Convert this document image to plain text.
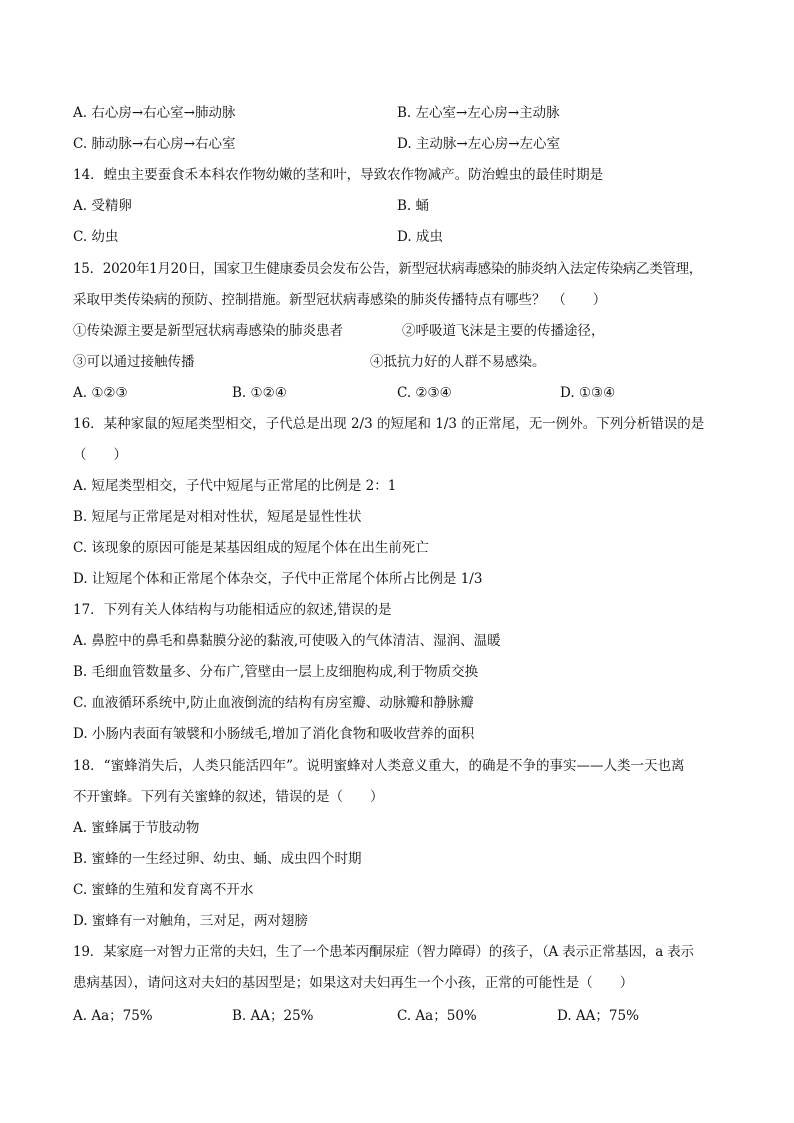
A. 右心房→右心室→肺动脉	B. 左心室→左心房→主动脉
C. 肺动脉→右心房→右心室	D. 主动脉→左心房→左心室
14．蝗虫主要蚕食禾本科农作物幼嫩的茎和叶，导致农作物减产。防治蝗虫的最佳时期是
A. 受精卵	B. 蛹
C. 幼虫	D. 成虫
15．2020年1月20日，国家卫生健康委员会发布公告，新型冠状病毒感染的肺炎纳入法定传染病乙类管理，
采取甲类传染病的预防、控制措施。新型冠状病毒感染的肺炎传播特点有哪些？　（　　）
①传染源主要是新型冠状病毒感染的肺炎患者	②呼吸道飞沫是主要的传播途径，
③可以通过接触传播	④抵抗力好的人群不易感染。
A. ①②③	B. ①②④	C. ②③④	D. ①③④
16．某种家鼠的短尾类型相交，子代总是出现 2/3 的短尾和 1/3 的正常尾，无一例外。下列分析错误的是
（　　）
A. 短尾类型相交，子代中短尾与正常尾的比例是 2：1
B. 短尾与正常尾是对相对性状，短尾是显性性状
C. 该现象的原因可能是某基因组成的短尾个体在出生前死亡
D. 让短尾个体和正常尾个体杂交，子代中正常尾个体所占比例是 1/3
17．下列有关人体结构与功能相适应的叙述,错误的是
A. 鼻腔中的鼻毛和鼻黏膜分泌的黏液,可使吸入的气体清洁、湿润、温暖
B. 毛细血管数量多、分布广,管壁由一层上皮细胞构成,利于物质交换
C. 血液循环系统中,防止血液倒流的结构有房室瓣、动脉瓣和静脉瓣
D. 小肠内表面有皱襞和小肠绒毛,增加了消化食物和吸收营养的面积
18．“蜜蜂消失后，人类只能活四年”。说明蜜蜂对人类意义重大，的确是不争的事实——人类一天也离
不开蜜蜂。下列有关蜜蜂的叙述，错误的是（　　）
A. 蜜蜂属于节肢动物
B. 蜜蜂的一生经过卵、幼虫、蛹、成虫四个时期
C. 蜜蜂的生殖和发育离不开水
D. 蜜蜂有一对触角，三对足，两对翅膀
19．某家庭一对智力正常的夫妇，生了一个患苯丙酮尿症（智力障碍）的孩子，（A 表示正常基因，a 表示
患病基因），请问这对夫妇的基因型是；如果这对夫妇再生一个小孩，正常的可能性是（　　）
A. Aa；75%	B. AA；25%	C. Aa；50%	D. AA；75%
